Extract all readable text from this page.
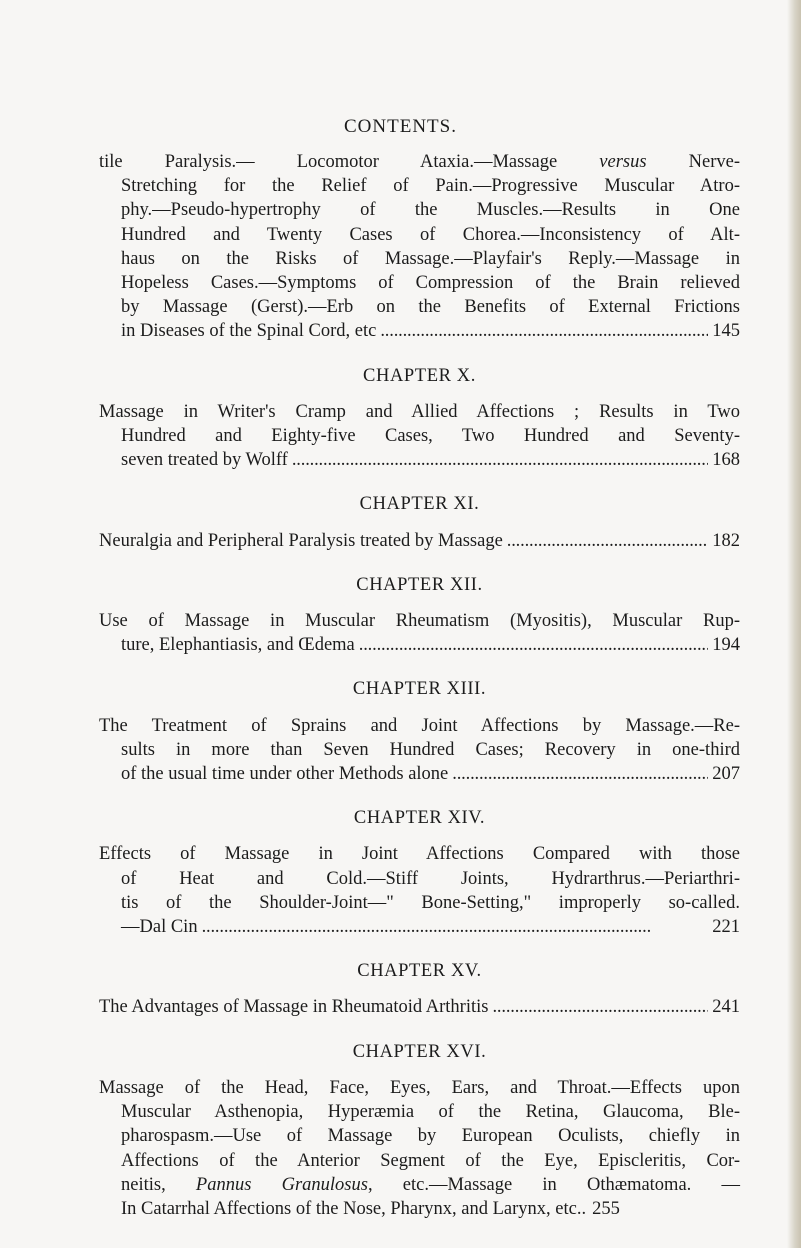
CONTENTS.
tile Paralysis.— Locomotor Ataxia.—Massage versus Nerve-
Stretching for the Relief of Pain.—Progressive Muscular Atro-
phy.—Pseudo-hypertrophy of the Muscles.—Results in One
Hundred and Twenty Cases of Chorea.—Inconsistency of Alt-
haus on the Risks of Massage.—Playfair's Reply.—Massage in
Hopeless Cases.—Symptoms of Compression of the Brain relieved
by Massage (Gerst).—Erb on the Benefits of External Frictions
in Diseases of the Spinal Cord, etc . . .	145
CHAPTER X.
Massage in Writer's Cramp and Allied Affections ; Results in Two
Hundred and Eighty-five Cases, Two Hundred and Seventy-
seven treated by Wolff . . .	168
CHAPTER XI.
Neuralgia and Peripheral Paralysis treated by Massage . . .	182
CHAPTER XII.
Use of Massage in Muscular Rheumatism (Myositis), Muscular Rup-
ture, Elephantiasis, and Œdema . . .	194
CHAPTER XIII.
The Treatment of Sprains and Joint Affections by Massage.—Re-
sults in more than Seven Hundred Cases; Recovery in one-third
of the usual time under other Methods alone . . .	207
CHAPTER XIV.
Effects of Massage in Joint Affections Compared with those
of Heat and Cold.—Stiff Joints, Hydrarthrus.—Periarthri-
tis of the Shoulder-Joint—" Bone-Setting," improperly so-called.
—Dal Cin . . .	221
CHAPTER XV.
The Advantages of Massage in Rheumatoid Arthritis . . .	241
CHAPTER XVI.
Massage of the Head, Face, Eyes, Ears, and Throat.—Effects upon
Muscular Asthenopia, Hyperæmia of the Retina, Glaucoma, Ble-
pharospasm.—Use of Massage by European Oculists, chiefly in
Affections of the Anterior Segment of the Eye, Episcleritis, Cor-
neitis, Pannus Granulosus, etc.—Massage in Othæmatoma. —
In Catarrhal Affections of the Nose, Pharynx, and Larynx, etc.. 255
